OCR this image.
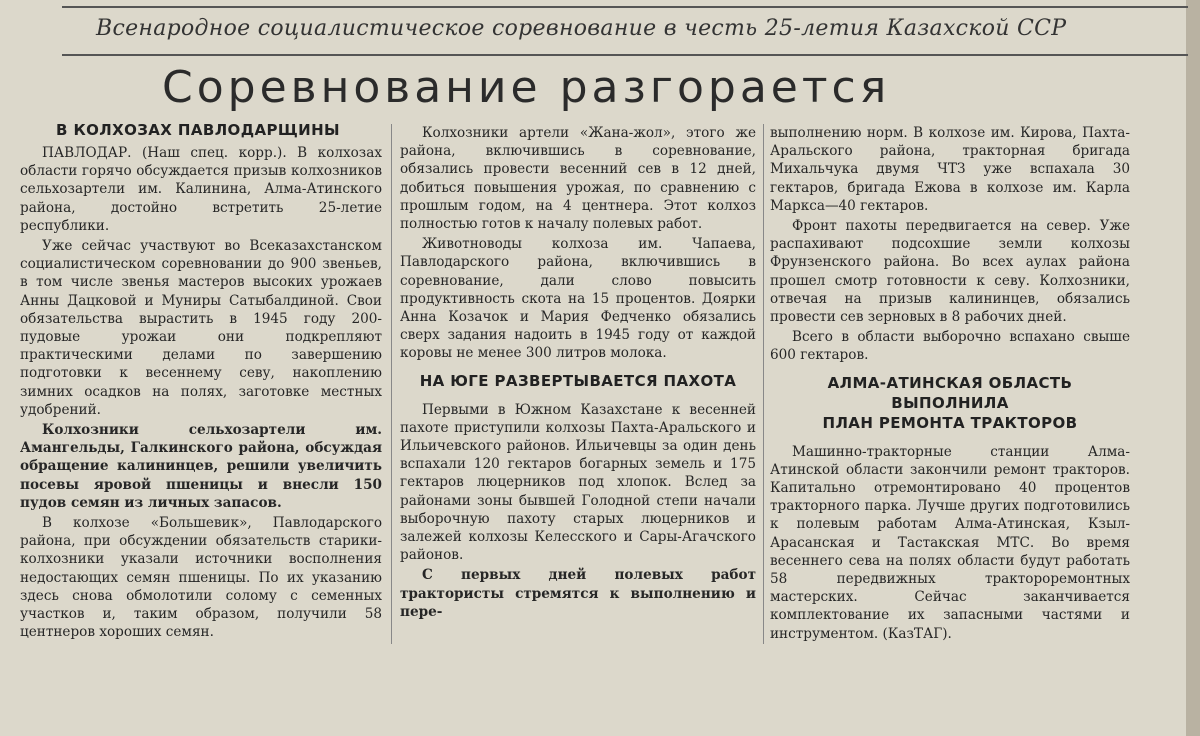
Всенародное социалистическое соревнование в честь 25-летия Казахской ССР
Соревнование разгорается
В КОЛХОЗАХ ПАВЛОДАРЩИНЫ

ПАВЛОДАР. (Наш спец. корр.). В колхозах области горячо обсуждается призыв колхозников сельхозартели им. Калинина, Алма-Атинского района, достойно встретить 25-летие республики.

Уже сейчас участвуют во Всеказахстанском социалистическом соревновании до 900 звеньев, в том числе звенья мастеров высоких урожаев Анны Дацковой и Муниры Сатыбалдиной. Свои обязательства вырастить в 1945 году 200-пудовые урожаи они подкрепляют практическими делами по завершению подготовки к весеннему севу, накоплению зимних осадков на полях, заготовке местных удобрений.

Колхозники сельхозартели им. Амангельды, Галкинского района, обсуждая обращение калининцев, решили увеличить посевы яровой пшеницы и внесли 150 пудов семян из личных запасов.

В колхозе «Большевик», Павлодарского района, при обсуждении обязательств старики-колхозники указали источники восполнения недостающих семян пшеницы. По их указанию здесь снова обмолотили солому с семенных участков и, таким образом, получили 58 центнеров хороших семян.

Колхозники артели «Жана-жол», этого же района, включившись в соревнование, обязались провести весенний сев в 12 дней, добиться повышения урожая, по сравнению с прошлым годом, на 4 центнера. Этот колхоз полностью готов к началу полевых работ.

Животноводы колхоза им. Чапаева, Павлодарского района, включившись в соревнование, дали слово повысить продуктивность скота на 15 процентов. Доярки Анна Козачок и Мария Федченко обязались сверх задания надоить в 1945 году от каждой коровы не менее 300 литров молока.

НА ЮГЕ РАЗВЕРТЫВАЕТСЯ ПАХОТА

Первыми в Южном Казахстане к весенней пахоте приступили колхозы Пахта-Аральского и Ильичевского районов. Ильичевцы за один день вспахали 120 гектаров богарных земель и 175 гектаров люцерников под хлопок. Вслед за районами зоны бывшей Голодной степи начали выборочную пахоту старых люцерников и залежей колхозы Келесского и Сары-Агачского районов.

С первых дней полевых работ трактористы стремятся к выполнению и пере-

выполнению норм. В колхозе им. Кирова, Пахта-Аральского района, тракторная бригада Михальчука двумя ЧТЗ уже вспахала 30 гектаров, бригада Ежова в колхозе им. Карла Маркса—40 гектаров.

Фронт пахоты передвигается на север. Уже распахивают подсохшие земли колхозы Фрунзенского района. Во всех аулах района прошел смотр готовности к севу. Колхозники, отвечая на призыв калининцев, обязались провести сев зерновых в 8 рабочих дней.

Всего в области выборочно вспахано свыше 600 гектаров.

АЛМА-АТИНСКАЯ ОБЛАСТЬ ВЫПОЛНИЛА
ПЛАН РЕМОНТА ТРАКТОРОВ

Машинно-тракторные станции Алма-Атинской области закончили ремонт тракторов. Капитально отремонтировано 40 процентов тракторного парка. Лучше других подготовились к полевым работам Алма-Атинская, Кзыл-Арасанская и Тастакская МТС. Во время весеннего сева на полях области будут работать 58 передвижных тракторoремонтных мастерских. Сейчас заканчивается комплектование их запасными частями и инструментом. (КазТАГ).
